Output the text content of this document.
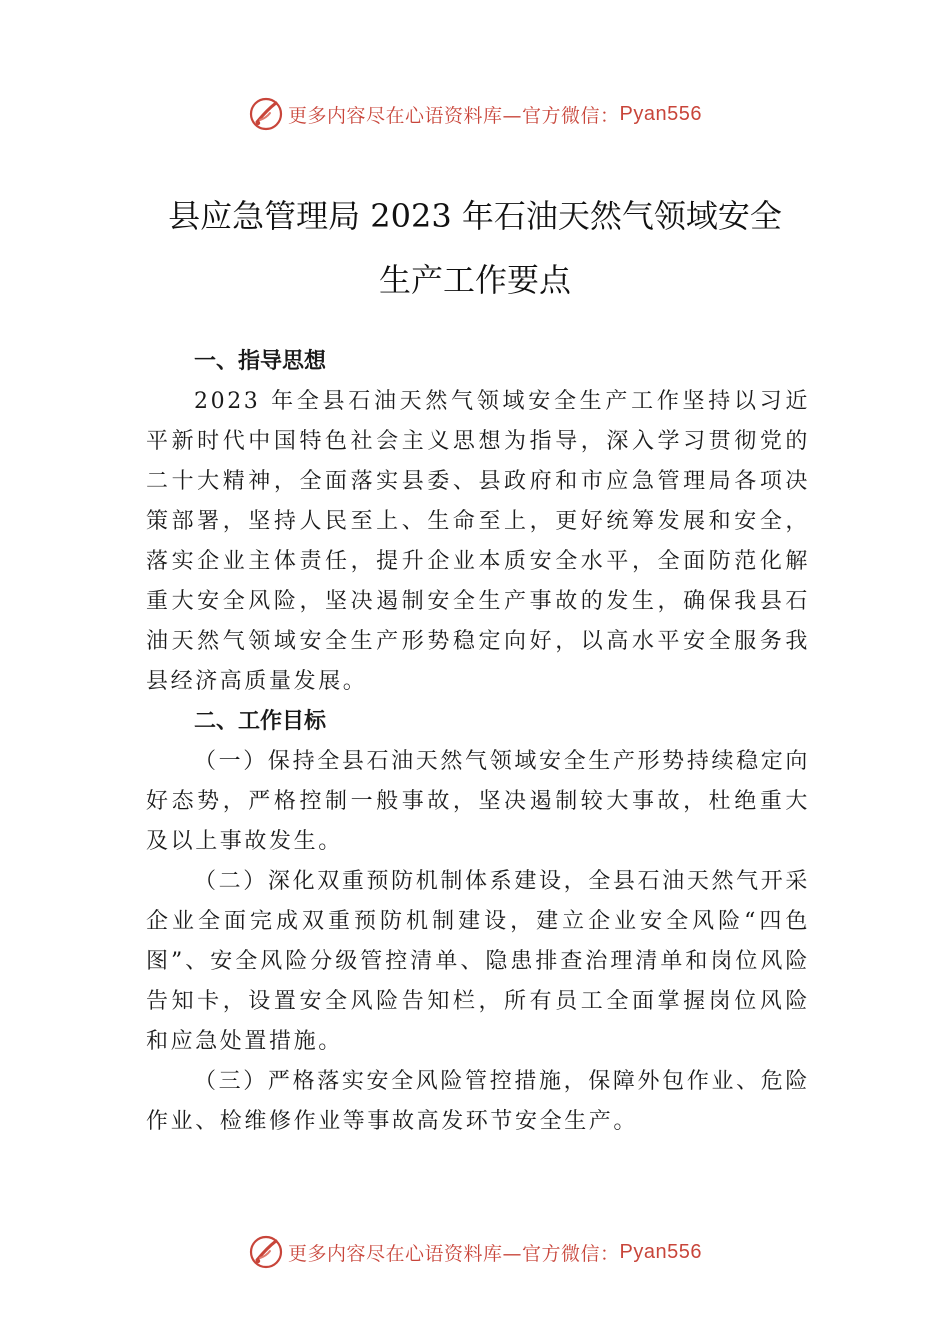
更多内容尽在心语资料库—官方微信： Pyan556
县应急管理局 2023 年石油天然气领域安全
生产工作要点
一、指导思想

2023 年全县石油天然气领域安全生产工作坚持以习近平新时代中国特色社会主义思想为指导，深入学习贯彻党的二十大精神，全面落实县委、县政府和市应急管理局各项决策部署，坚持人民至上、生命至上，更好统筹发展和安全， 落实企业主体责任，提升企业本质安全水平，全面防范化解重大安全风险，坚决遏制安全生产事故的发生，确保我县石油天然气领域安全生产形势稳定向好，以高水平安全服务我县经济高质量发展。

二、工作目标

（一）保持全县石油天然气领域安全生产形势持续稳定向好态势，严格控制一般事故，坚决遏制较大事故，杜绝重大及以上事故发生。

（二）深化双重预防机制体系建设，全县石油天然气开采企业全面完成双重预防机制建设，建立企业安全风险“四色图”、安全风险分级管控清单、隐患排查治理清单和岗位风险告知卡，设置安全风险告知栏，所有员工全面掌握岗位风险和应急处置措施。

（三）严格落实安全风险管控措施，保障外包作业、危险作业、检维修作业等事故高发环节安全生产。

更多内容尽在心语资料库—官方微信： Pyan556
